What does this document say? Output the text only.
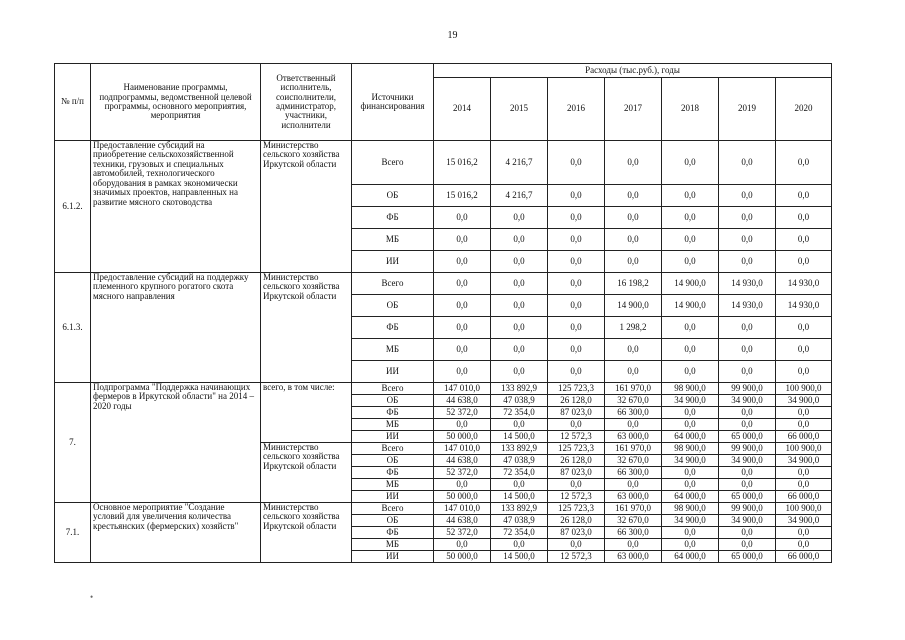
19
№ п/п	Наименование программы, подпрограммы, ведомственной целевой программы, основного мероприятия, мероприятия	Ответственный исполнитель, соисполнители, администратор, участники, исполнители	Источники финансирования	Расходы (тыс.руб.), годы						
				2014	2015	2016	2017	2018	2019	2020
6.1.2.	Предоставление субсидий на приобретение сельскохозяйственной техники, грузовых и специальных автомобилей, технологического оборудования в рамках экономически значимых проектов, направленных на развитие мясного скотоводства	Министерство сельского хозяйства Иркутской области	Всего	15 016,2	4 216,7	0,0	0,0	0,0	0,0	0,0
			ОБ	15 016,2	4 216,7	0,0	0,0	0,0	0,0	0,0
			ФБ	0,0	0,0	0,0	0,0	0,0	0,0	0,0
			МБ	0,0	0,0	0,0	0,0	0,0	0,0	0,0
			ИИ	0,0	0,0	0,0	0,0	0,0	0,0	0,0
6.1.3.	Предоставление субсидий на поддержку племенного крупного рогатого скота мясного направления	Министерство сельского хозяйства Иркутской области	Всего	0,0	0,0	0,0	16 198,2	14 900,0	14 930,0	14 930,0
			ОБ	0,0	0,0	0,0	14 900,0	14 900,0	14 930,0	14 930,0
			ФБ	0,0	0,0	0,0	1 298,2	0,0	0,0	0,0
			МБ	0,0	0,0	0,0	0,0	0,0	0,0	0,0
			ИИ	0,0	0,0	0,0	0,0	0,0	0,0	0,0
7.	Подпрограмма "Поддержка начинающих фермеров в Иркутской области" на 2014 – 2020 годы	всего, в том числе:	Всего	147 010,0	133 892,9	125 723,3	161 970,0	98 900,0	99 900,0	100 900,0
			ОБ	44 638,0	47 038,9	26 128,0	32 670,0	34 900,0	34 900,0	34 900,0
			ФБ	52 372,0	72 354,0	87 023,0	66 300,0	0,0	0,0	0,0
			МБ	0,0	0,0	0,0	0,0	0,0	0,0	0,0
			ИИ	50 000,0	14 500,0	12 572,3	63 000,0	64 000,0	65 000,0	66 000,0
		Министерство сельского хозяйства Иркутской области	Всего	147 010,0	133 892,9	125 723,3	161 970,0	98 900,0	99 900,0	100 900,0
			ОБ	44 638,0	47 038,9	26 128,0	32 670,0	34 900,0	34 900,0	34 900,0
			ФБ	52 372,0	72 354,0	87 023,0	66 300,0	0,0	0,0	0,0
			МБ	0,0	0,0	0,0	0,0	0,0	0,0	0,0
			ИИ	50 000,0	14 500,0	12 572,3	63 000,0	64 000,0	65 000,0	66 000,0
7.1.	Основное мероприятие "Создание условий для увеличения количества крестьянских (фермерских) хозяйств"	Министерство сельского хозяйства Иркутской области	Всего	147 010,0	133 892,9	125 723,3	161 970,0	98 900,0	99 900,0	100 900,0
			ОБ	44 638,0	47 038,9	26 128,0	32 670,0	34 900,0	34 900,0	34 900,0
			ФБ	52 372,0	72 354,0	87 023,0	66 300,0	0,0	0,0	0,0
			МБ	0,0	0,0	0,0	0,0	0,0	0,0	0,0
			ИИ	50 000,0	14 500,0	12 572,3	63 000,0	64 000,0	65 000,0	66 000,0
•
